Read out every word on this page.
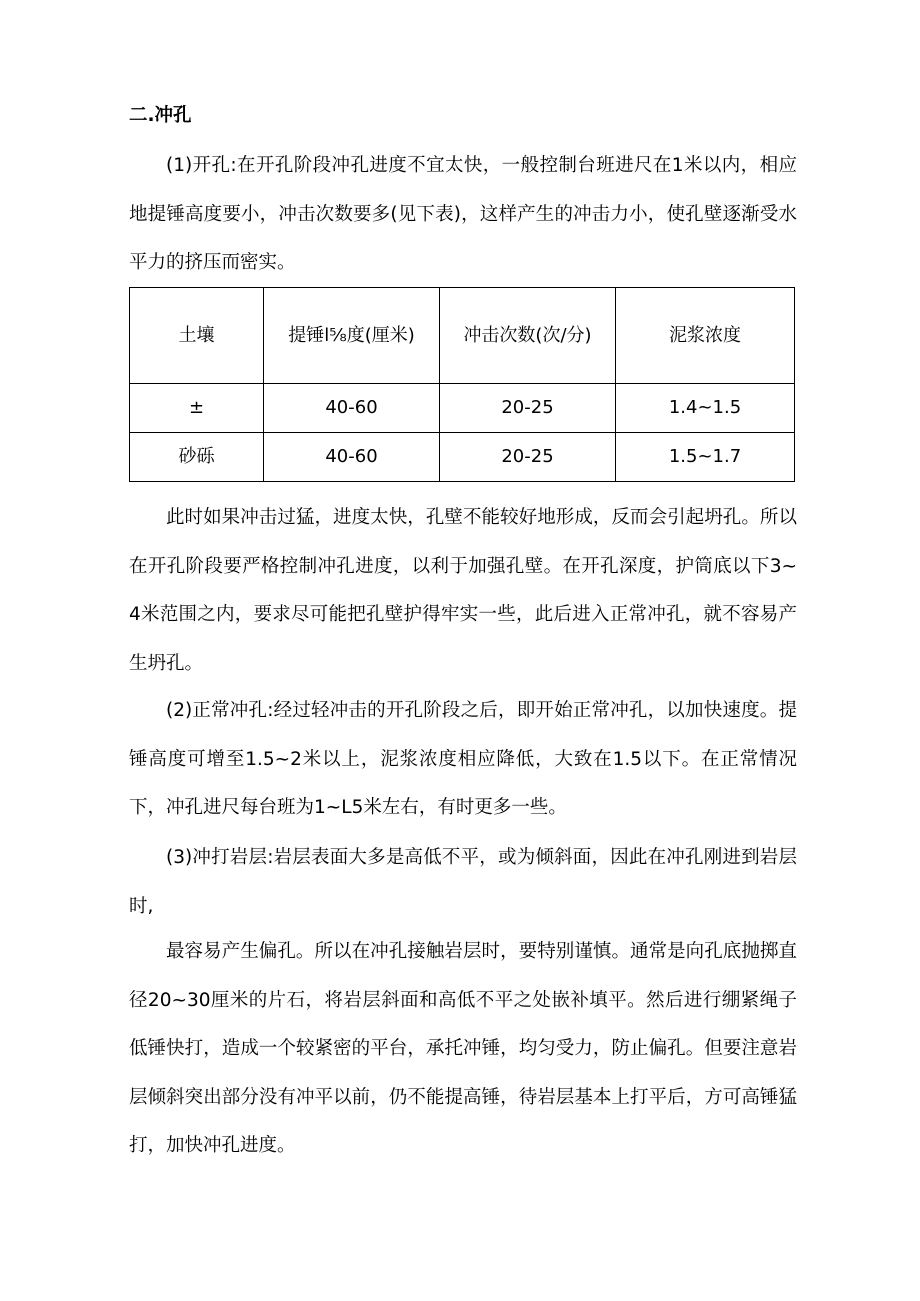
二.冲孔

(1)开孔:在开孔阶段冲孔进度不宜太快，一般控制台班进尺在1米以内，相应地提锤高度要小，冲击次数要多(见下表)，这样产生的冲击力小，使孔壁逐渐受水平力的挤压而密实。

土壤	提锤l⅝度(厘米)	冲击次数(次/分)	泥浆浓度
±	40-60	20-25	1.4~1.5
砂砾	40-60	20-25	1.5~1.7

此时如果冲击过猛，进度太快，孔壁不能较好地形成，反而会引起坍孔。所以在开孔阶段要严格控制冲孔进度，以利于加强孔壁。在开孔深度，护筒底以下3~4米范围之内，要求尽可能把孔壁护得牢实一些，此后进入正常冲孔，就不容易产生坍孔。

(2)正常冲孔:经过轻冲击的开孔阶段之后，即开始正常冲孔，以加快速度。提锤高度可增至1.5~2米以上，泥浆浓度相应降低，大致在1.5以下。在正常情况下，冲孔进尺每台班为1~L5米左右，有时更多一些。

(3)冲打岩层:岩层表面大多是高低不平，或为倾斜面，因此在冲孔刚进到岩层时,

最容易产生偏孔。所以在冲孔接触岩层时，要特别谨慎。通常是向孔底抛掷直径20~30厘米的片石，将岩层斜面和高低不平之处嵌补填平。然后进行绷紧绳子低锤快打，造成一个较紧密的平台，承托冲锤，均匀受力，防止偏孔。但要注意岩层倾斜突出部分没有冲平以前，仍不能提高锤，待岩层基本上打平后，方可高锤猛打，加快冲孔进度。
